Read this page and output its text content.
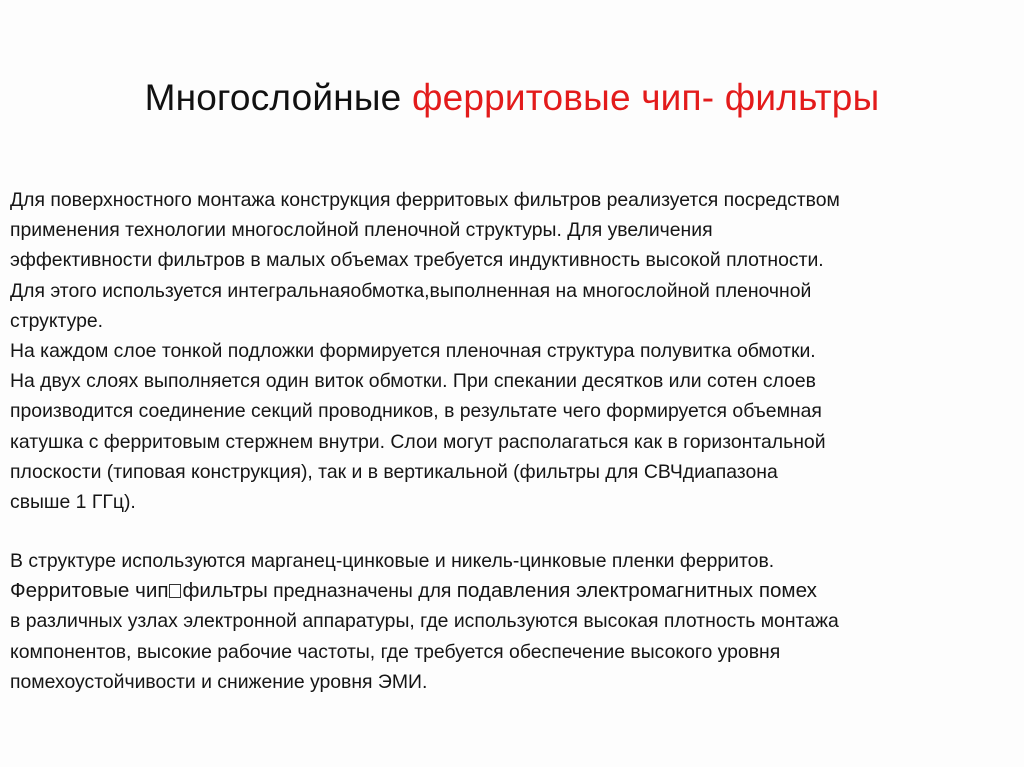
Многослойные ферритовые чип- фильтры
Для поверхностного монтажа конструкция ферритовых фильтров реализуется посредством
применения технологии многослойной пленочной структуры. Для увеличения
эффективности фильтров в малых объемах требуется индуктивность высокой плотности.
Для этого используется интегральнаяобмотка,выполненная на многослойной пленочной
структуре.
На каждом слое тонкой подложки формируется пленочная структура полувитка обмотки.
На двух слоях выполняется один виток обмотки. При спекании десятков или сотен слоев
производится соединение секций проводников, в результате чего формируется объемная
катушка с ферритовым стержнем внутри. Слои могут располагаться как в горизонтальной
плоскости (типовая конструкция), так и в вертикальной (фильтры для СВЧдиапазона
свыше 1 ГГц).
В структуре используются марганец-цинковые и никель-цинковые пленки ферритов.
Ферритовые чип фильтры предназначены для подавления электромагнитных помех
в различных узлах электронной аппаратуры, где используются высокая плотность монтажа
компонентов, высокие рабочие частоты, где требуется обеспечение высокого уровня
помехоустойчивости и снижение уровня ЭМИ.
